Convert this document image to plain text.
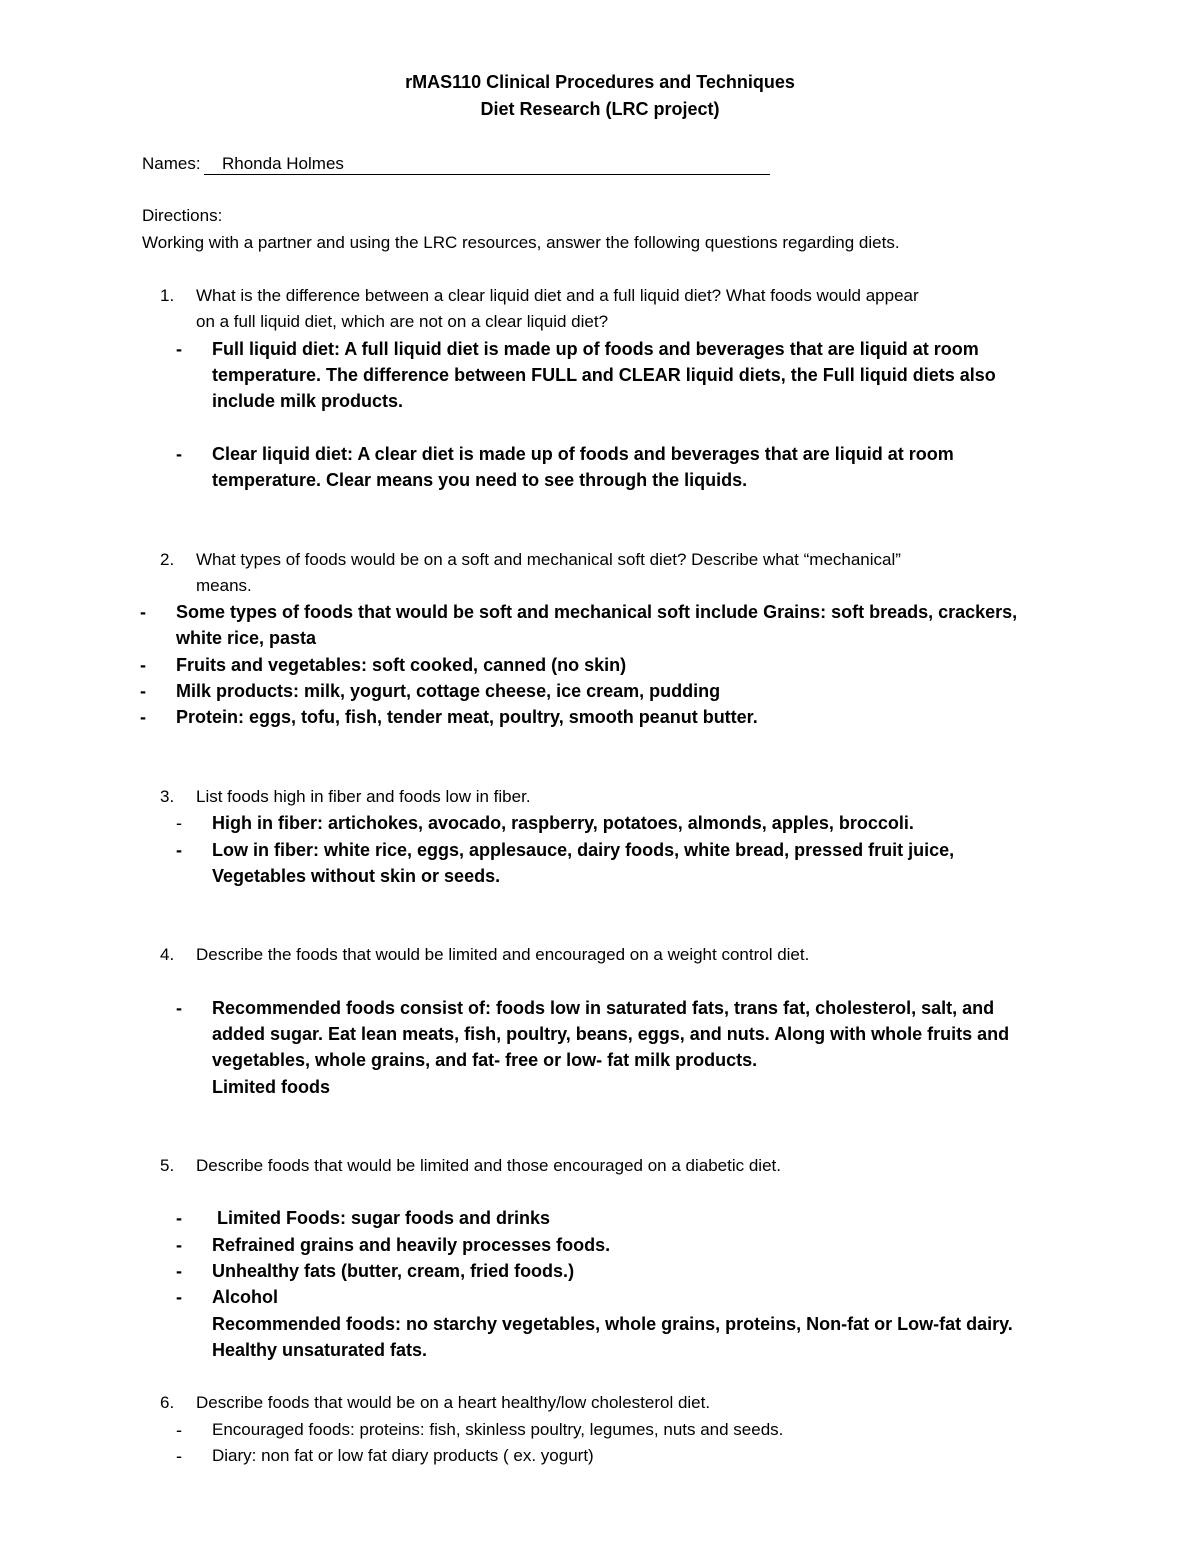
rMAS110 Clinical Procedures and Techniques
Diet Research (LRC project)
Names: Rhonda Holmes
Directions:
Working with a partner and using the LRC resources, answer the following questions regarding diets.
1. What is the difference between a clear liquid diet and a full liquid diet? What foods would appear
on a full liquid diet, which are not on a clear liquid diet?
- Full liquid diet: A full liquid diet is made up of foods and beverages that are liquid at room
temperature. The difference between FULL and CLEAR liquid diets, the Full liquid diets also
include milk products.
- Clear liquid diet: A clear diet is made up of foods and beverages that are liquid at room
temperature. Clear means you need to see through the liquids.
2. What types of foods would be on a soft and mechanical soft diet? Describe what “mechanical”
means.
- Some types of foods that would be soft and mechanical soft include Grains: soft breads, crackers,
white rice, pasta
- Fruits and vegetables: soft cooked, canned (no skin)
- Milk products: milk, yogurt, cottage cheese, ice cream, pudding
- Protein: eggs, tofu, fish, tender meat, poultry, smooth peanut butter.
3. List foods high in fiber and foods low in fiber.
- High in fiber: artichokes, avocado, raspberry, potatoes, almonds, apples, broccoli.
- Low in fiber: white rice, eggs, applesauce, dairy foods, white bread, pressed fruit juice,
Vegetables without skin or seeds.
4. Describe the foods that would be limited and encouraged on a weight control diet.
- Recommended foods consist of: foods low in saturated fats, trans fat, cholesterol, salt, and
added sugar. Eat lean meats, fish, poultry, beans, eggs, and nuts. Along with whole fruits and
vegetables, whole grains, and fat- free or low- fat milk products.
Limited foods
5. Describe foods that would be limited and those encouraged on a diabetic diet.
- Limited Foods: sugar foods and drinks
- Refrained grains and heavily processes foods.
- Unhealthy fats (butter, cream, fried foods.)
- Alcohol
Recommended foods: no starchy vegetables, whole grains, proteins, Non-fat or Low-fat dairy.
Healthy unsaturated fats.
6. Describe foods that would be on a heart healthy/low cholesterol diet.
- Encouraged foods: proteins: fish, skinless poultry, legumes, nuts and seeds.
- Diary: non fat or low fat diary products ( ex. yogurt)
